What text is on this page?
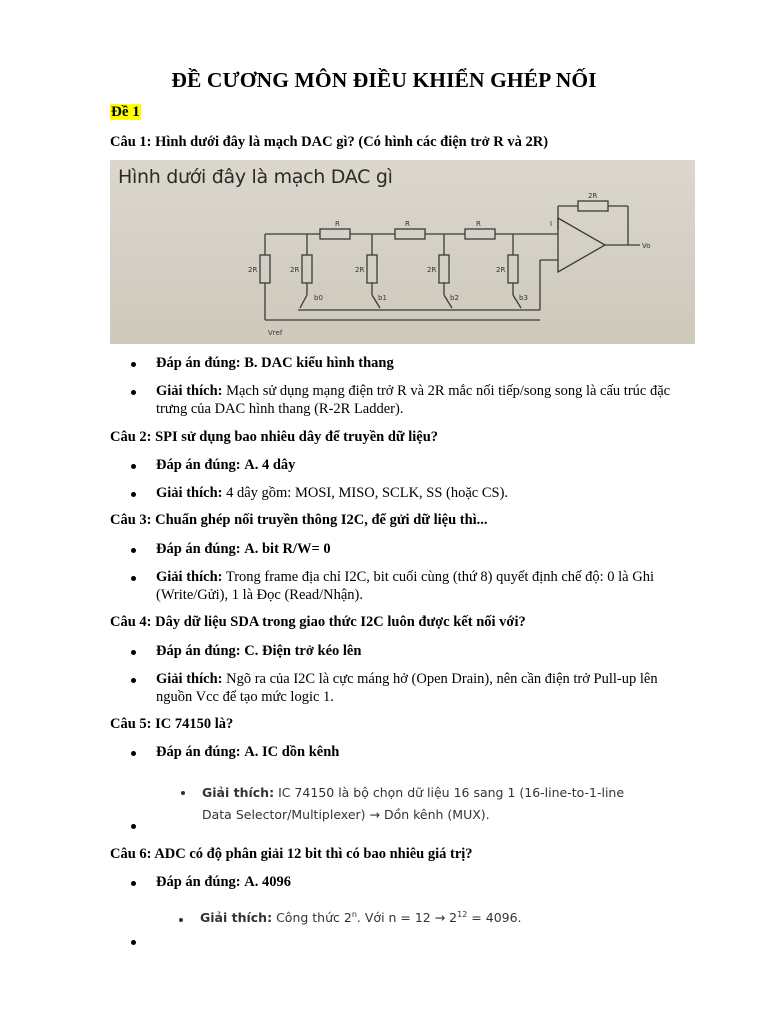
ĐỀ CƯƠNG MÔN ĐIỀU KHIỂN GHÉP NỐI
Đề 1
Câu 1: Hình dưới đây là mạch DAC gì? (Có hình các điện trở R và 2R)
Hình dưới đây là mạch DAC gì
R	R	R
2R
2R	2R	2R	2R	2R
Vo
Vref
b0	b1	b2	b3
I
Đáp án đúng: B. DAC kiểu hình thang
Giải thích: Mạch sử dụng mạng điện trở R và 2R mắc nối tiếp/song song là cấu trúc đặc trưng của DAC hình thang (R-2R Ladder).
Câu 2: SPI sử dụng bao nhiêu dây để truyền dữ liệu?
Đáp án đúng: A. 4 dây
Giải thích: 4 dây gồm: MOSI, MISO, SCLK, SS (hoặc CS).
Câu 3: Chuẩn ghép nối truyền thông I2C, để gửi dữ liệu thì...
Đáp án đúng: A. bit R/W= 0
Giải thích: Trong frame địa chỉ I2C, bit cuối cùng (thứ 8) quyết định chế độ: 0 là Ghi (Write/Gửi), 1 là Đọc (Read/Nhận).
Câu 4: Dây dữ liệu SDA trong giao thức I2C luôn được kết nối với?
Đáp án đúng: C. Điện trở kéo lên
Giải thích: Ngõ ra của I2C là cực máng hở (Open Drain), nên cần điện trở Pull-up lên nguồn Vcc để tạo mức logic 1.
Câu 5: IC 74150 là?
Đáp án đúng: A. IC dồn kênh
Giải thích: IC 74150 là bộ chọn dữ liệu 16 sang 1 (16-line-to-1-line Data Selector/Multiplexer) → Dồn kênh (MUX).
Câu 6: ADC có độ phân giải 12 bit thì có bao nhiêu giá trị?
Đáp án đúng: A. 4096
Giải thích: Công thức 2$^n$. Với $n = 12 \to 2^{12} = 4096$.
